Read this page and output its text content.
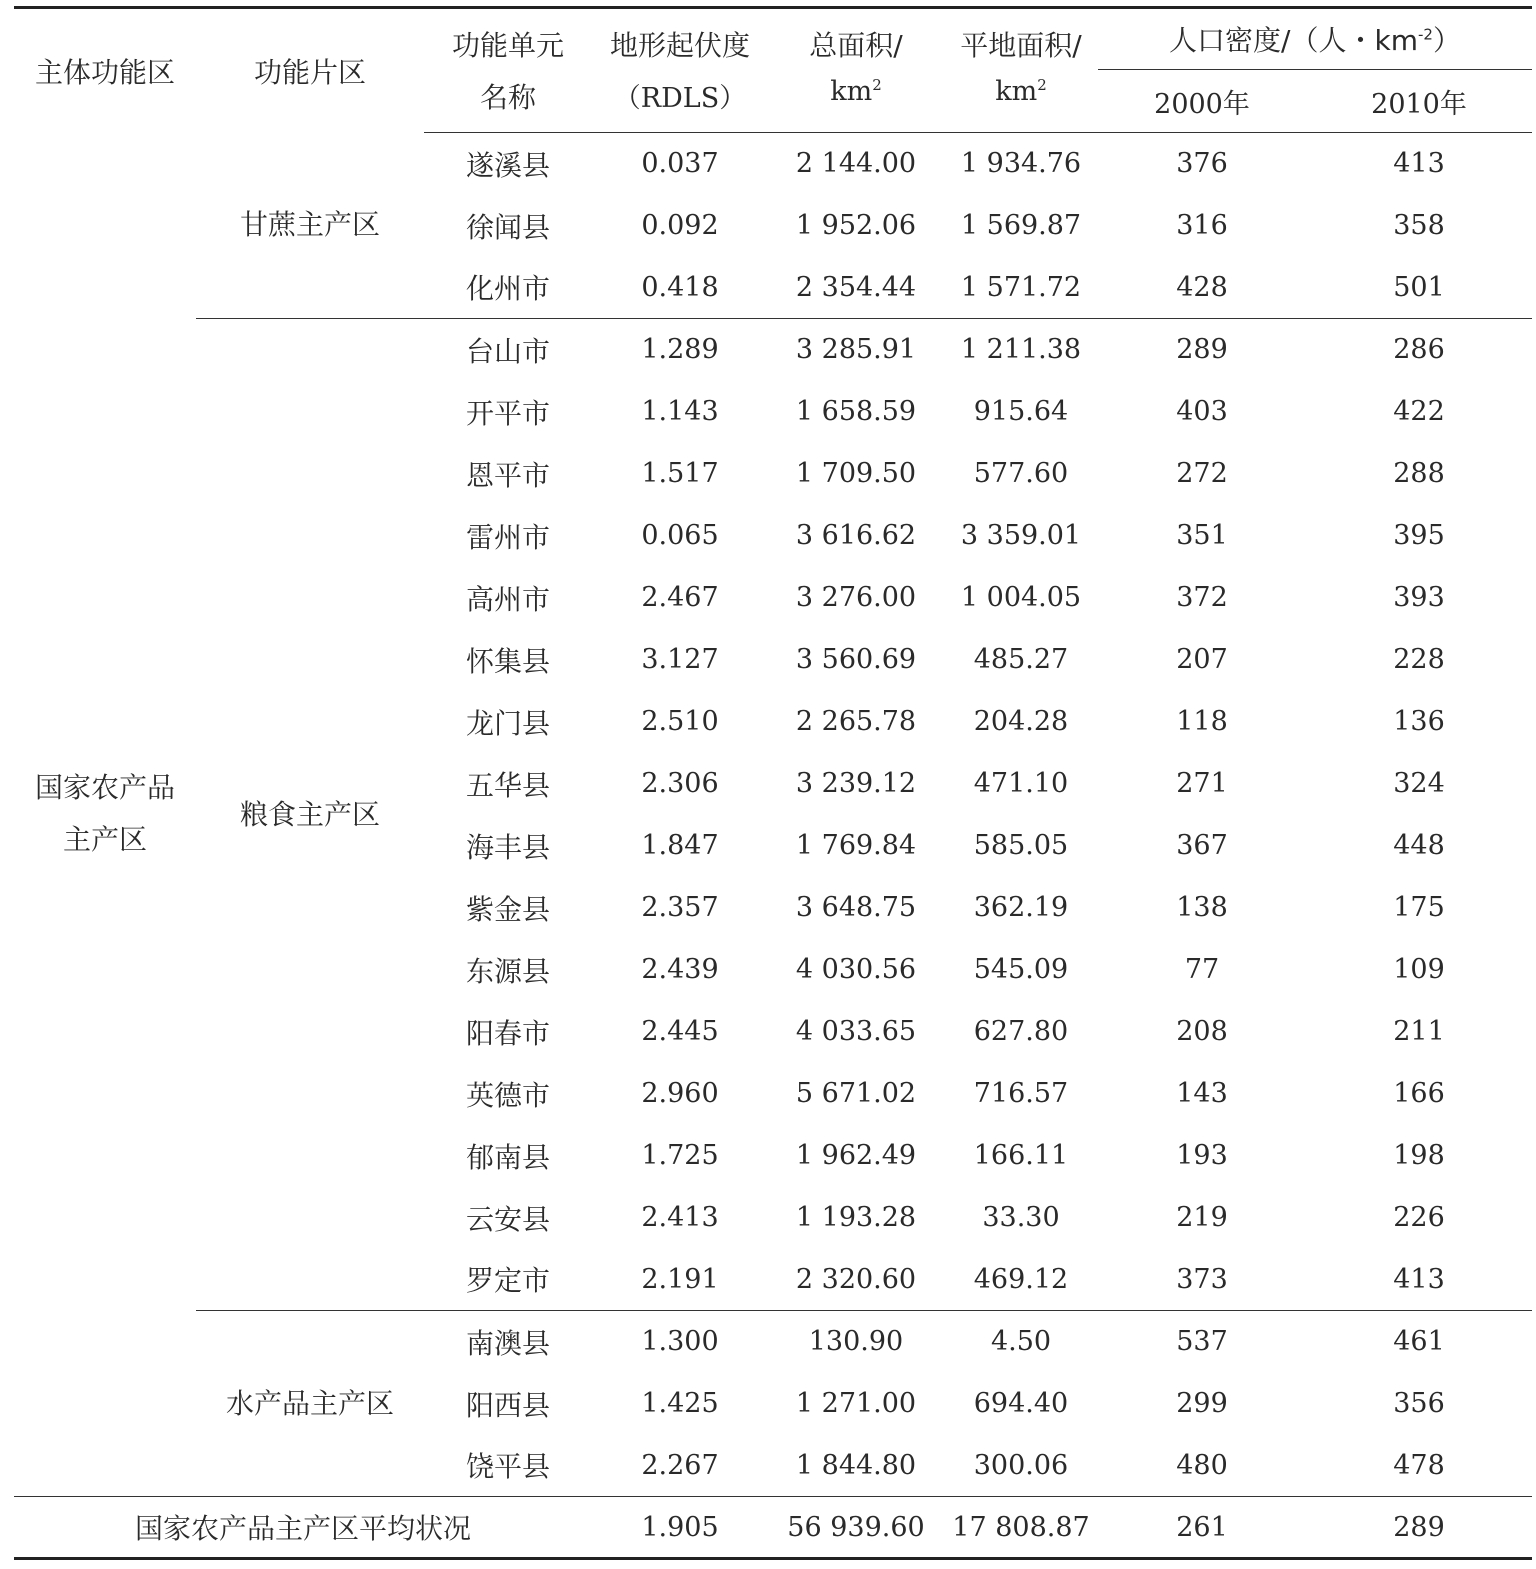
主体功能区	功能片区	功能单元	地形起伏度	总面积/	平地面积/	人口密度/（人・$km^{-2}$）	
		名称	（RDLS）	$km^2$	$km^2$	2000年	2010年
国家农产品主产区	甘蔗主产区	遂溪县	0.037	2 144.00	1 934.76	376	413
		徐闻县	0.092	1 952.06	1 569.87	316	358
		化州市	0.418	2 354.44	1 571.72	428	501
	粮食主产区	台山市	1.289	3 285.91	1 211.38	289	286
		开平市	1.143	1 658.59	915.64	403	422
		恩平市	1.517	1 709.50	577.60	272	288
		雷州市	0.065	3 616.62	3 359.01	351	395
		高州市	2.467	3 276.00	1 004.05	372	393
		怀集县	3.127	3 560.69	485.27	207	228
		龙门县	2.510	2 265.78	204.28	118	136
		五华县	2.306	3 239.12	471.10	271	324
		海丰县	1.847	1 769.84	585.05	367	448
		紫金县	2.357	3 648.75	362.19	138	175
		东源县	2.439	4 030.56	545.09	77	109
		阳春市	2.445	4 033.65	627.80	208	211
		英德市	2.960	5 671.02	716.57	143	166
		郁南县	1.725	1 962.49	166.11	193	198
		云安县	2.413	1 193.28	33.30	219	226
		罗定市	2.191	2 320.60	469.12	373	413
	水产品主产区	南澳县	1.300	130.90	4.50	537	461
		阳西县	1.425	1 271.00	694.40	299	356
		饶平县	2.267	1 844.80	300.06	480	478
国家农产品主产区平均状况			1.905	56 939.60	17 808.87	261	289
